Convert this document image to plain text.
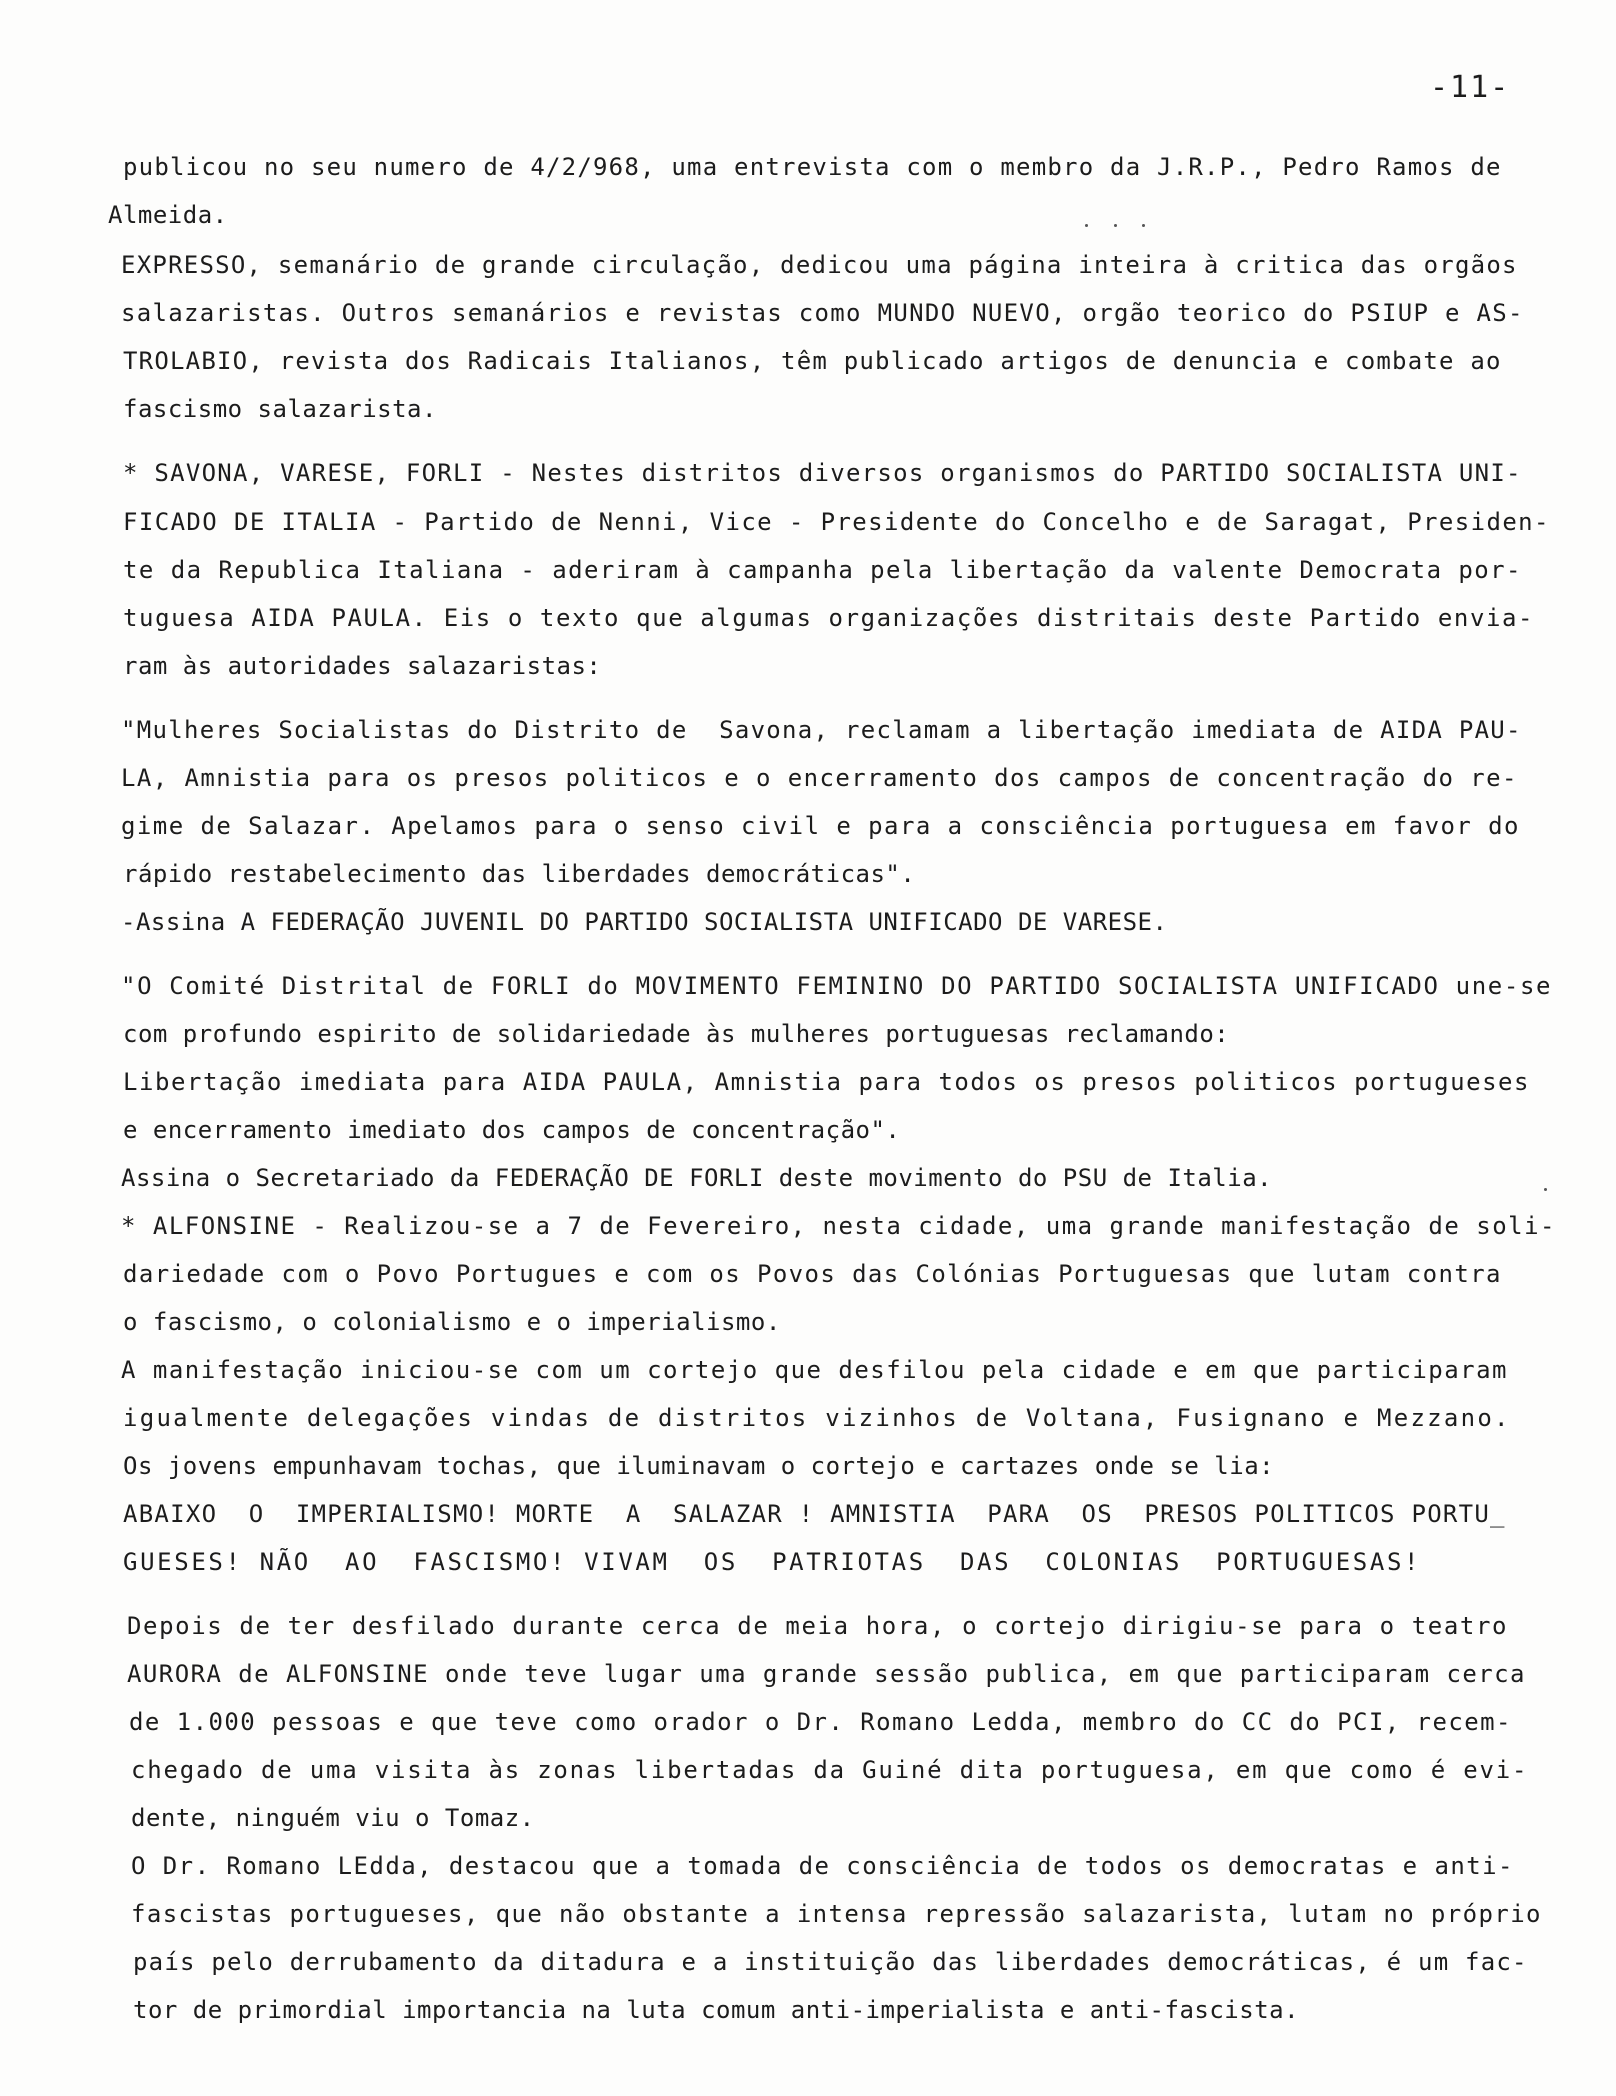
-11-
publicou no seu numero de 4/2/968, uma entrevista com o membro da J.R.P., Pedro Ramos de
Almeida.
EXPRESSO, semanário de grande circulação, dedicou uma página inteira à critica das orgãos
salazaristas. Outros semanários e revistas como MUNDO NUEVO, orgão teorico do PSIUP e AS-
TROLABIO, revista dos Radicais Italianos, têm publicado artigos de denuncia e combate ao
fascismo salazarista.
* SAVONA, VARESE, FORLI - Nestes distritos diversos organismos do PARTIDO SOCIALISTA UNI-
FICADO DE ITALIA - Partido de Nenni, Vice - Presidente do Concelho e de Saragat, Presiden-
te da Republica Italiana - aderiram à campanha pela libertação da valente Democrata por-
tuguesa AIDA PAULA. Eis o texto que algumas organizações distritais deste Partido envia-
ram às autoridades salazaristas:
"Mulheres Socialistas do Distrito de  Savona, reclamam a libertação imediata de AIDA PAU-
LA, Amnistia para os presos politicos e o encerramento dos campos de concentração do re-
gime de Salazar. Apelamos para o senso civil e para a consciência portuguesa em favor do
rápido restabelecimento das liberdades democráticas".
-Assina A FEDERAÇÃO JUVENIL DO PARTIDO SOCIALISTA UNIFICADO DE VARESE.
"O Comité Distrital de FORLI do MOVIMENTO FEMININO DO PARTIDO SOCIALISTA UNIFICADO une-se
com profundo espirito de solidariedade às mulheres portuguesas reclamando:
Libertação imediata para AIDA PAULA, Amnistia para todos os presos politicos portugueses
e encerramento imediato dos campos de concentração".
Assina o Secretariado da FEDERAÇÃO DE FORLI deste movimento do PSU de Italia.
* ALFONSINE - Realizou-se a 7 de Fevereiro, nesta cidade, uma grande manifestação de soli-
dariedade com o Povo Portugues e com os Povos das Colónias Portuguesas que lutam contra
o fascismo, o colonialismo e o imperialismo.
A manifestação iniciou-se com um cortejo que desfilou pela cidade e em que participaram
igualmente delegações vindas de distritos vizinhos de Voltana, Fusignano e Mezzano.
Os jovens empunhavam tochas, que iluminavam o cortejo e cartazes onde se lia:
ABAIXO  O  IMPERIALISMO! MORTE  A  SALAZAR ! AMNISTIA  PARA  OS  PRESOS POLITICOS PORTU_
GUESES! NÃO  AO  FASCISMO! VIVAM  OS  PATRIOTAS  DAS  COLONIAS  PORTUGUESAS!
Depois de ter desfilado durante cerca de meia hora, o cortejo dirigiu-se para o teatro
AURORA de ALFONSINE onde teve lugar uma grande sessão publica, em que participaram cerca
de 1.000 pessoas e que teve como orador o Dr. Romano Ledda, membro do CC do PCI, recem-
chegado de uma visita às zonas libertadas da Guiné dita portuguesa, em que como é evi-
dente, ninguém viu o Tomaz.
O Dr. Romano LEdda, destacou que a tomada de consciência de todos os democratas e anti-
fascistas portugueses, que não obstante a intensa repressão salazarista, lutam no próprio
país pelo derrubamento da ditadura e a instituição das liberdades democráticas, é um fac-
tor de primordial importancia na luta comum anti-imperialista e anti-fascista.
